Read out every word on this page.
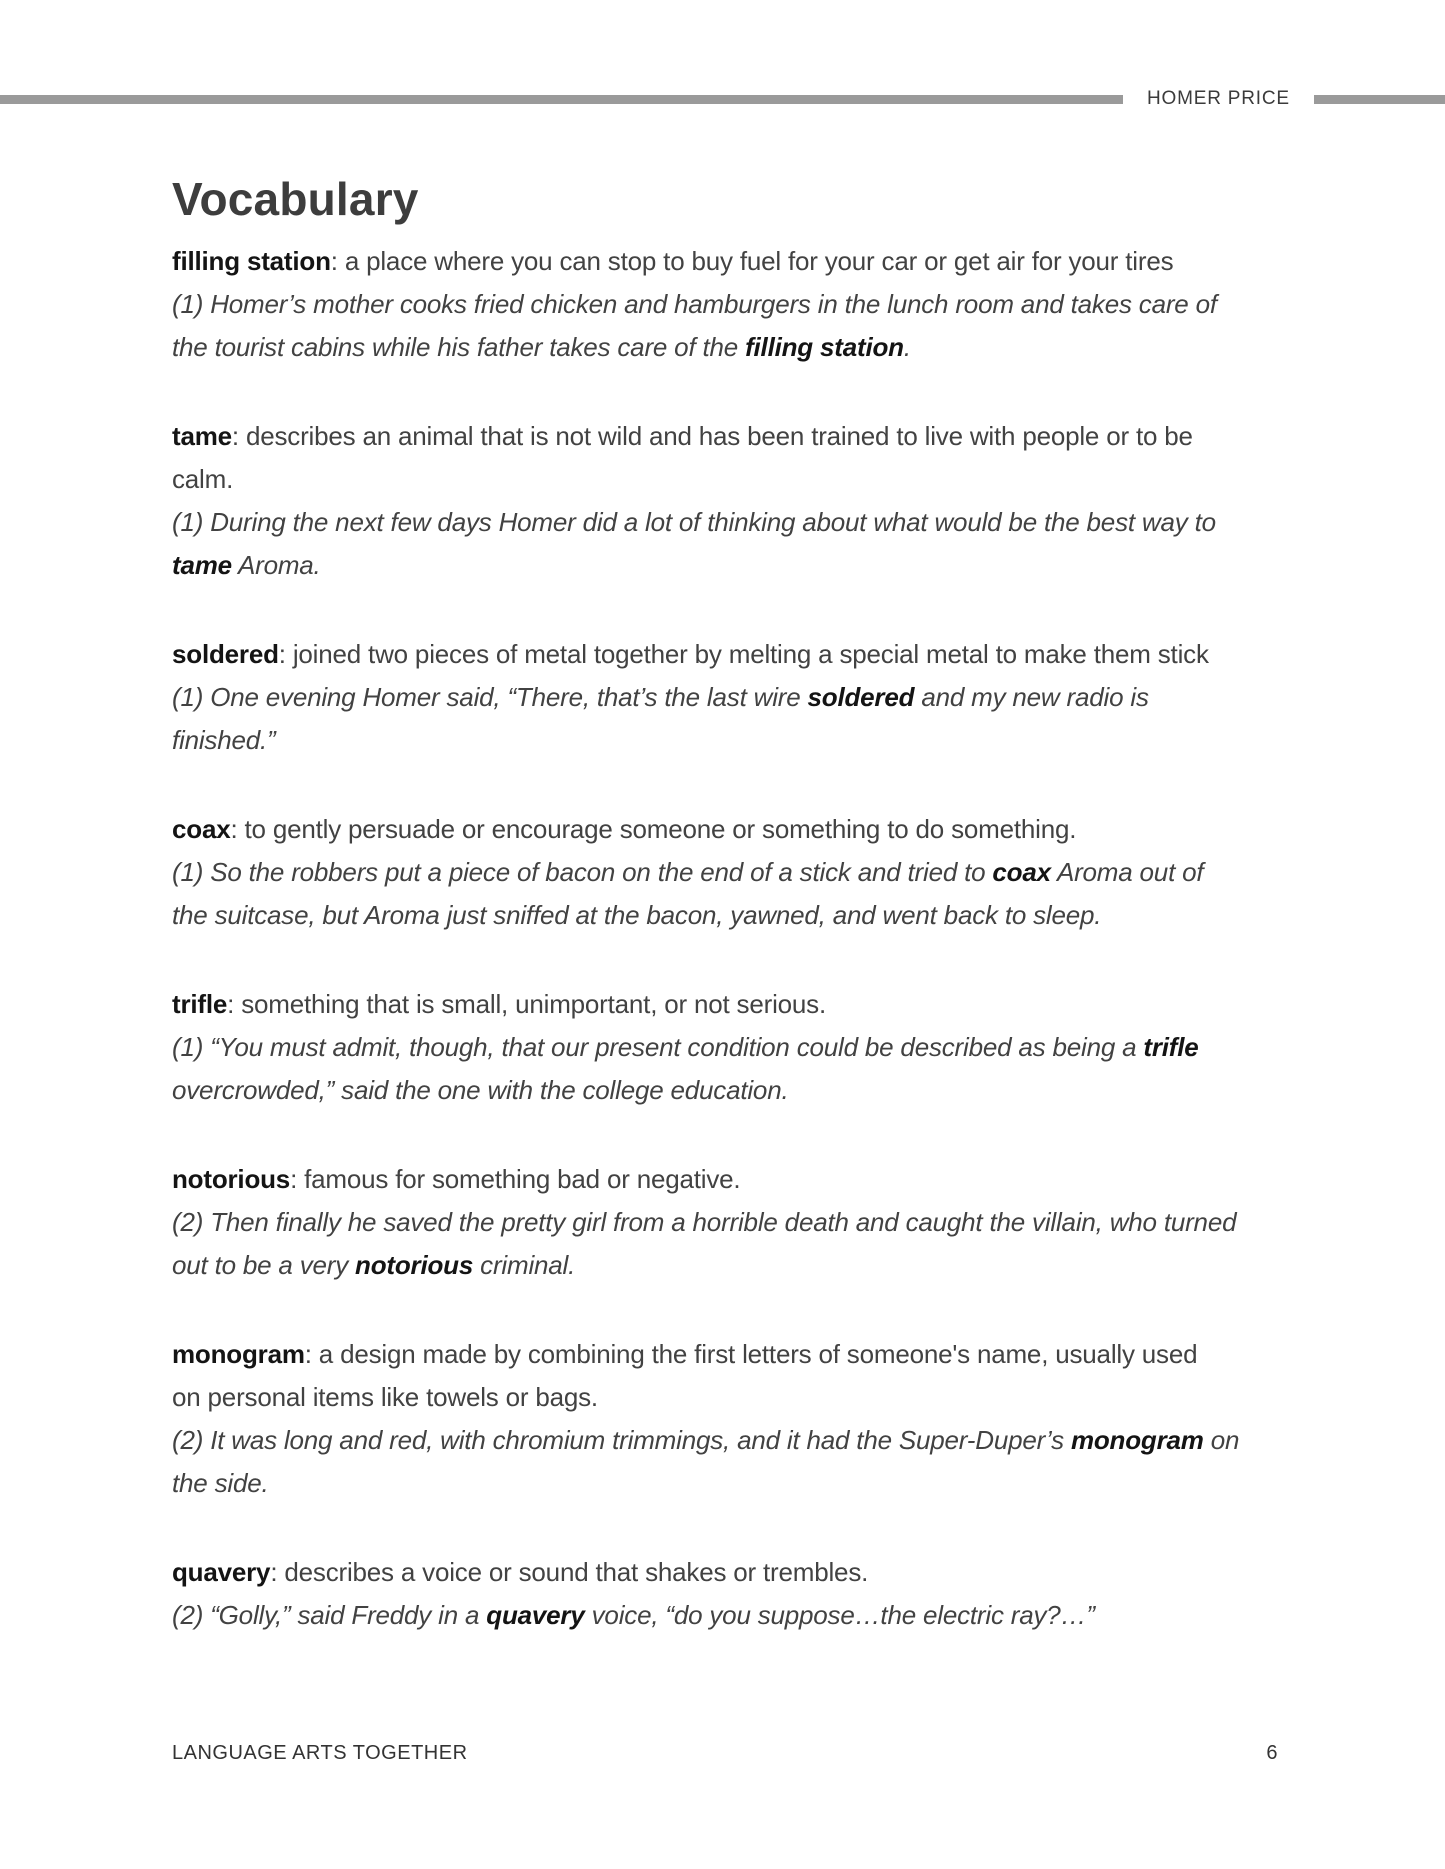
HOMER PRICE
Vocabulary
filling station: a place where you can stop to buy fuel for your car or get air for your tires
(1) Homer’s mother cooks fried chicken and hamburgers in the lunch room and takes care of
the tourist cabins while his father takes care of the filling station.
tame: describes an animal that is not wild and has been trained to live with people or to be
calm.
(1) During the next few days Homer did a lot of thinking about what would be the best way to
tame Aroma.
soldered: joined two pieces of metal together by melting a special metal to make them stick
(1) One evening Homer said, “There, that’s the last wire soldered and my new radio is
finished.”
coax: to gently persuade or encourage someone or something to do something.
(1) So the robbers put a piece of bacon on the end of a stick and tried to coax Aroma out of
the suitcase, but Aroma just sniffed at the bacon, yawned, and went back to sleep.
trifle: something that is small, unimportant, or not serious.
(1) “You must admit, though, that our present condition could be described as being a trifle
overcrowded,” said the one with the college education.
notorious: famous for something bad or negative.
(2) Then finally he saved the pretty girl from a horrible death and caught the villain, who turned
out to be a very notorious criminal.
monogram: a design made by combining the first letters of someone's name, usually used
on personal items like towels or bags.
(2) It was long and red, with chromium trimmings, and it had the Super-Duper’s monogram on
the side.
quavery: describes a voice or sound that shakes or trembles.
(2) “Golly,” said Freddy in a quavery voice, “do you suppose…the electric ray?…”
LANGUAGE ARTS TOGETHER	6
